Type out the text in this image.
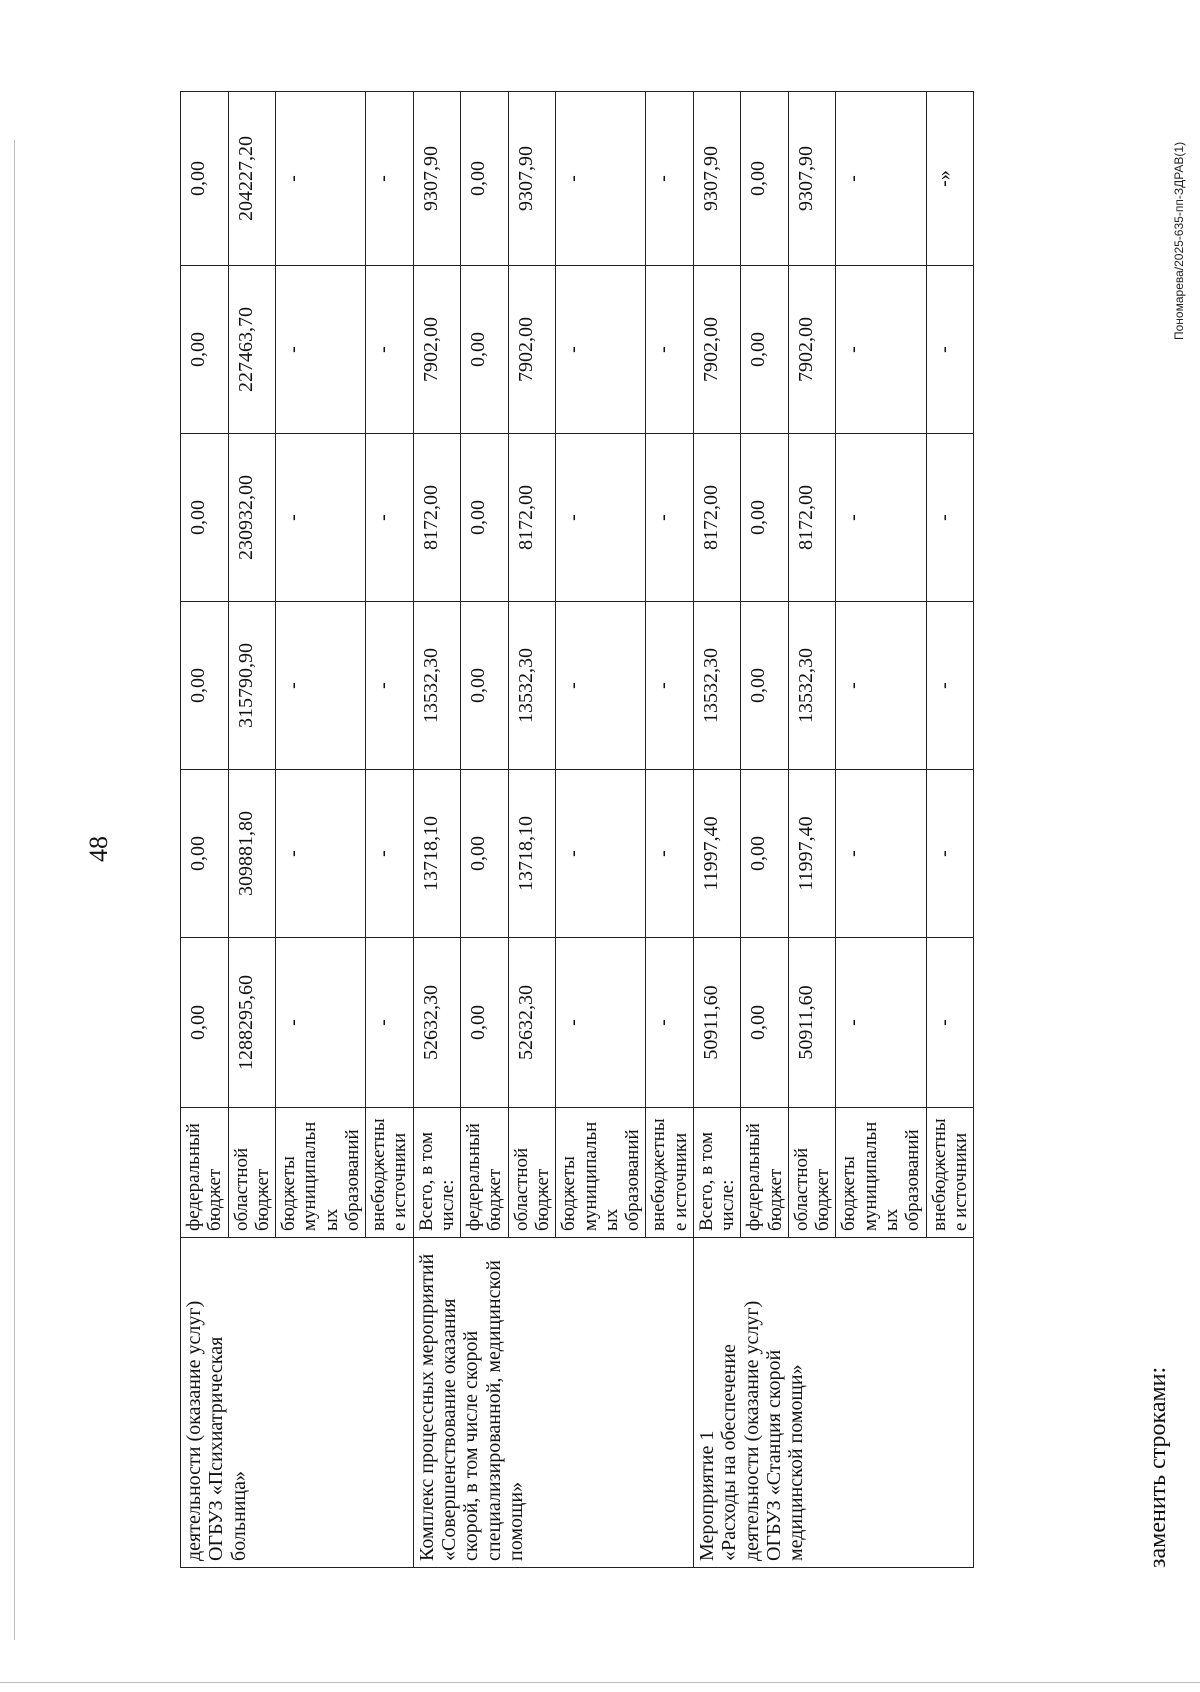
48
деятельности (оказание услуг)
ОГБУЗ «Психиатрическая больница»	федеральный бюджет	0,00	0,00	0,00	0,00	0,00	0,00
	областной бюджет	1288295,60	309881,80	315790,90	230932,00	227463,70	204227,20
	бюджеты муниципальных образований	-	-	-	-	-	-
	внебюджетные источники	-	-	-	-	-	-
Комплекс процессных мероприятий «Совершенствование оказания скорой, в том числе скорой специализированной, медицинской помощи»	Всего, в том числе:	52632,30	13718,10	13532,30	8172,00	7902,00	9307,90
	федеральный бюджет	0,00	0,00	0,00	0,00	0,00	0,00
	областной бюджет	52632,30	13718,10	13532,30	8172,00	7902,00	9307,90
	бюджеты муниципальных образований	-	-	-	-	-	-
	внебюджетные источники	-	-	-	-	-	-
Мероприятие 1
«Расходы на обеспечение деятельности (оказание услуг)
ОГБУЗ «Станция скорой медицинской помощи»	Всего, в том числе:	50911,60	11997,40	13532,30	8172,00	7902,00	9307,90
	федеральный бюджет	0,00	0,00	0,00	0,00	0,00	0,00
	областной бюджет	50911,60	11997,40	13532,30	8172,00	7902,00	9307,90
	бюджеты муниципальных образований	-	-	-	-	-	-
	внебюджетные источники	-	-	-	-	-	-»
заменить строками:
Пономарева/2025-635-пп-ЗДРАВ(1)
